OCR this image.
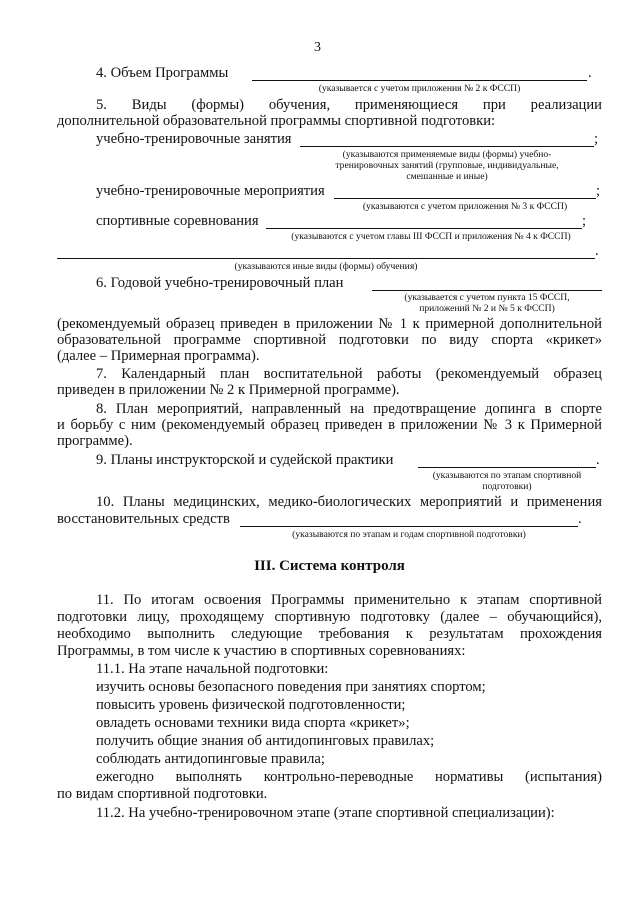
3
4. Объем Программы	.
(указывается с учетом приложения № 2 к ФССП)
5. Виды (формы) обучения, применяющиеся при реализации
дополнительной образовательной программы спортивной подготовки:
учебно-тренировочные занятия	;
(указываются применяемые виды (формы) учебно-
тренировочных занятий (групповые, индивидуальные,
смешанные и иные)
учебно-тренировочные мероприятия	;
(указываются с учетом приложения № 3 к ФССП)
спортивные соревнования	;
(указываются с учетом главы III ФССП и приложения № 4 к ФССП)
.
(указываются иные виды (формы) обучения)
6. Годовой учебно-тренировочный план
(указывается с учетом пункта 15 ФССП,
приложений № 2 и № 5 к ФССП)
(рекомендуемый образец приведен в приложении № 1 к примерной дополнительной
образовательной программе спортивной подготовки по виду спорта «крикет»
(далее – Примерная программа).
7. Календарный план воспитательной работы (рекомендуемый образец
приведен в приложении № 2 к Примерной программе).
8. План мероприятий, направленный на предотвращение допинга в спорте
и борьбу с ним (рекомендуемый образец приведен в приложении № 3 к Примерной
программе).
9. Планы инструкторской и судейской практики	.
(указываются по этапам спортивной
подготовки)
10. Планы медицинских, медико-биологических мероприятий и применения
восстановительных средств	.
(указываются по этапам и годам спортивной подготовки)
III. Система контроля
11. По итогам освоения Программы применительно к этапам спортивной
подготовки лицу, проходящему спортивную подготовку (далее – обучающийся),
необходимо выполнить следующие требования к результатам прохождения
Программы, в том числе к участию в спортивных соревнованиях:
11.1. На этапе начальной подготовки:
изучить основы безопасного поведения при занятиях спортом;
повысить уровень физической подготовленности;
овладеть основами техники вида спорта «крикет»;
получить общие знания об антидопинговых правилах;
соблюдать антидопинговые правила;
ежегодно выполнять контрольно-переводные нормативы (испытания)
по видам спортивной подготовки.
11.2. На учебно-тренировочном этапе (этапе спортивной специализации):
